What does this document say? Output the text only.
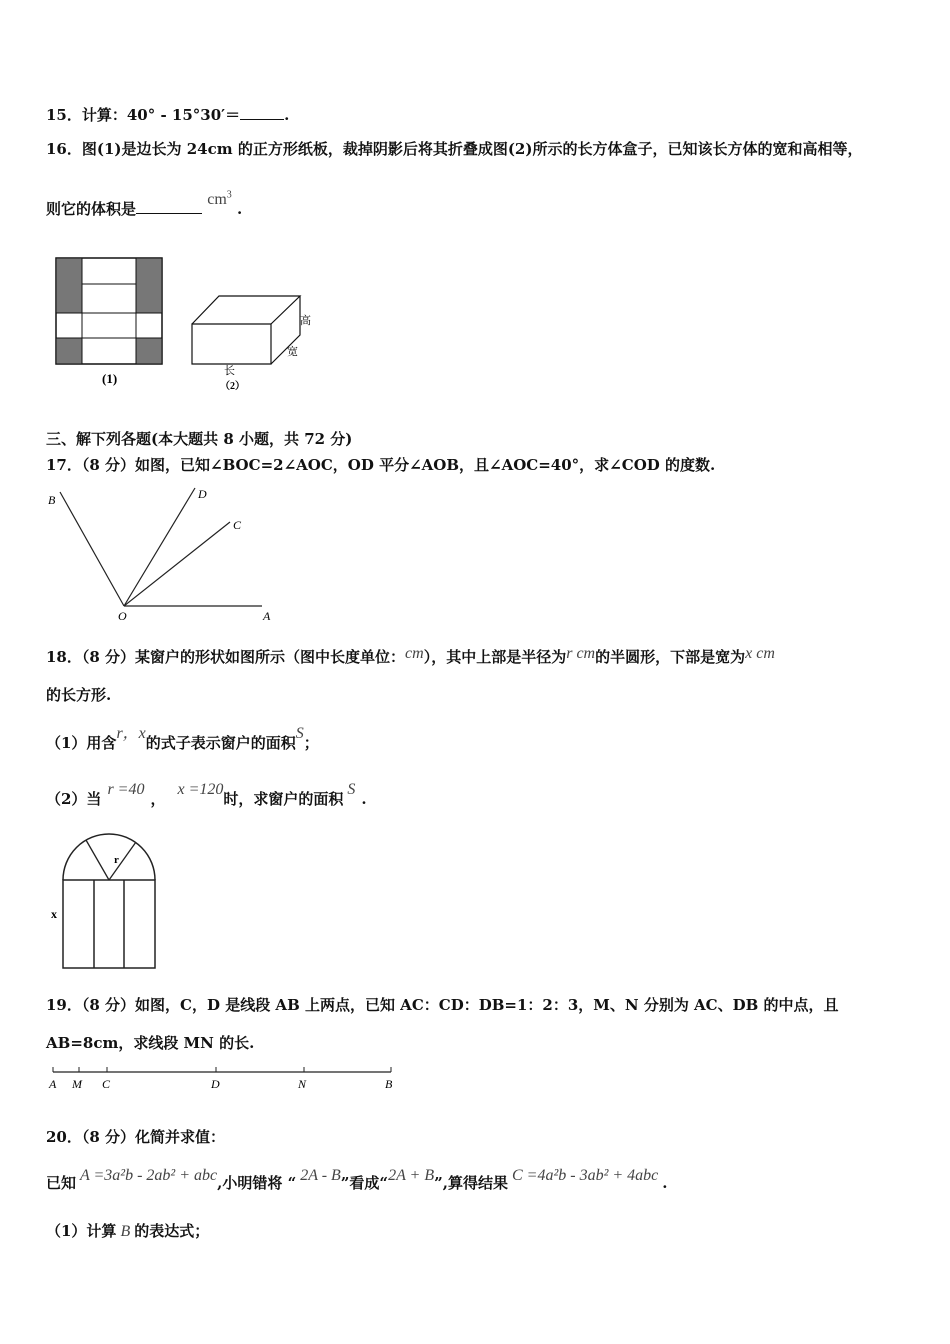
15．计算：40° - 15°30′＝	.
16．图(1)是边长为 24cm 的正方形纸板，裁掉阴影后将其折叠成图(2)所示的长方体盒子，已知该长方体的宽和高相等，
则它的体积是 $cm^3$ .
(1)
高
宽
长
（2）
三、解下列各题(本大题共 8 小题，共 72 分)
17．（8 分）如图，已知∠BOC=2∠AOC，OD 平分∠AOB，且∠AOC=40°，求∠COD 的度数.
B	D
C
O	A
18．（8 分）某窗户的形状如图所示（图中长度单位：cm），其中上部是半径为r cm的半圆形，下部是宽为x cm
的长方形.
（1）用含r，x的式子表示窗户的面积S；
（2）当r =40，x =120时，求窗户的面积S.
r
x
19．（8 分）如图，C，D 是线段 AB 上两点，已知 AC：CD：DB=1：2：3，M、N 分别为 AC、DB 的中点，且
AB=8cm，求线段 MN 的长.
A M C	D	N	B
20．（8 分）化简并求值：
已知 A =3a²b - 2ab² + abc,小明错将 “ 2A - B”看成“2A + B”,算得结果 C =4a²b - 3ab² + 4abc .
（1）计算 B 的表达式；
